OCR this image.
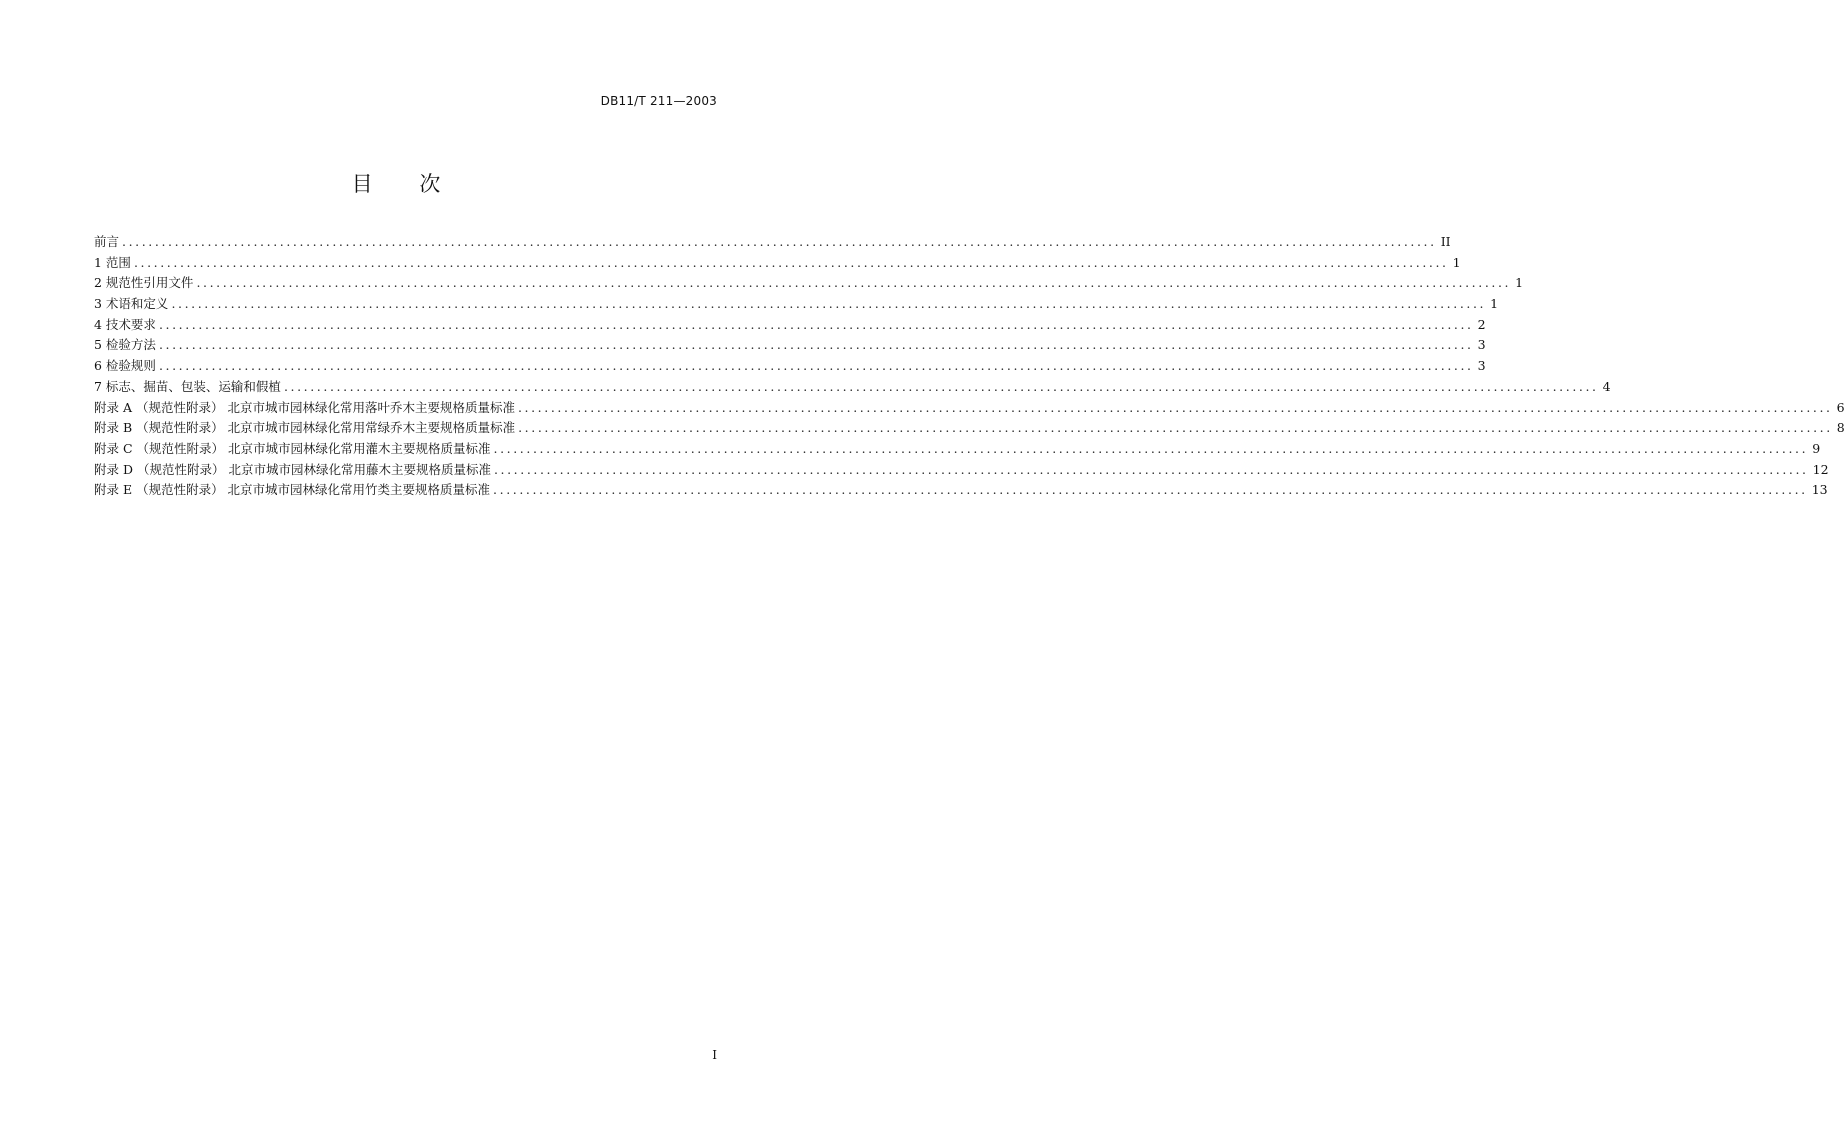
DB11/T 211—2003
目 次
前言 ........................................................................................................................................................................................................ II
1 范围 ........................................................................................................................................................................................................ 1
2 规范性引用文件 ........................................................................................................................................................................................................ 1
3 术语和定义 ........................................................................................................................................................................................................ 1
4 技术要求 ........................................................................................................................................................................................................ 2
5 检验方法 ........................................................................................................................................................................................................ 3
6 检验规则 ........................................................................................................................................................................................................ 3
7 标志、掘苗、包装、运输和假植 ........................................................................................................................................................................................................ 4
附录 A （规范性附录） 北京市城市园林绿化常用落叶乔木主要规格质量标准 ........................................................................................................................................................................................................ 6
附录 B （规范性附录） 北京市城市园林绿化常用常绿乔木主要规格质量标准 ........................................................................................................................................................................................................ 8
附录 C （规范性附录） 北京市城市园林绿化常用灌木主要规格质量标准 ........................................................................................................................................................................................................ 9
附录 D （规范性附录） 北京市城市园林绿化常用藤木主要规格质量标准 ........................................................................................................................................................................................................ 12
附录 E （规范性附录） 北京市城市园林绿化常用竹类主要规格质量标准 ........................................................................................................................................................................................................ 13
I
